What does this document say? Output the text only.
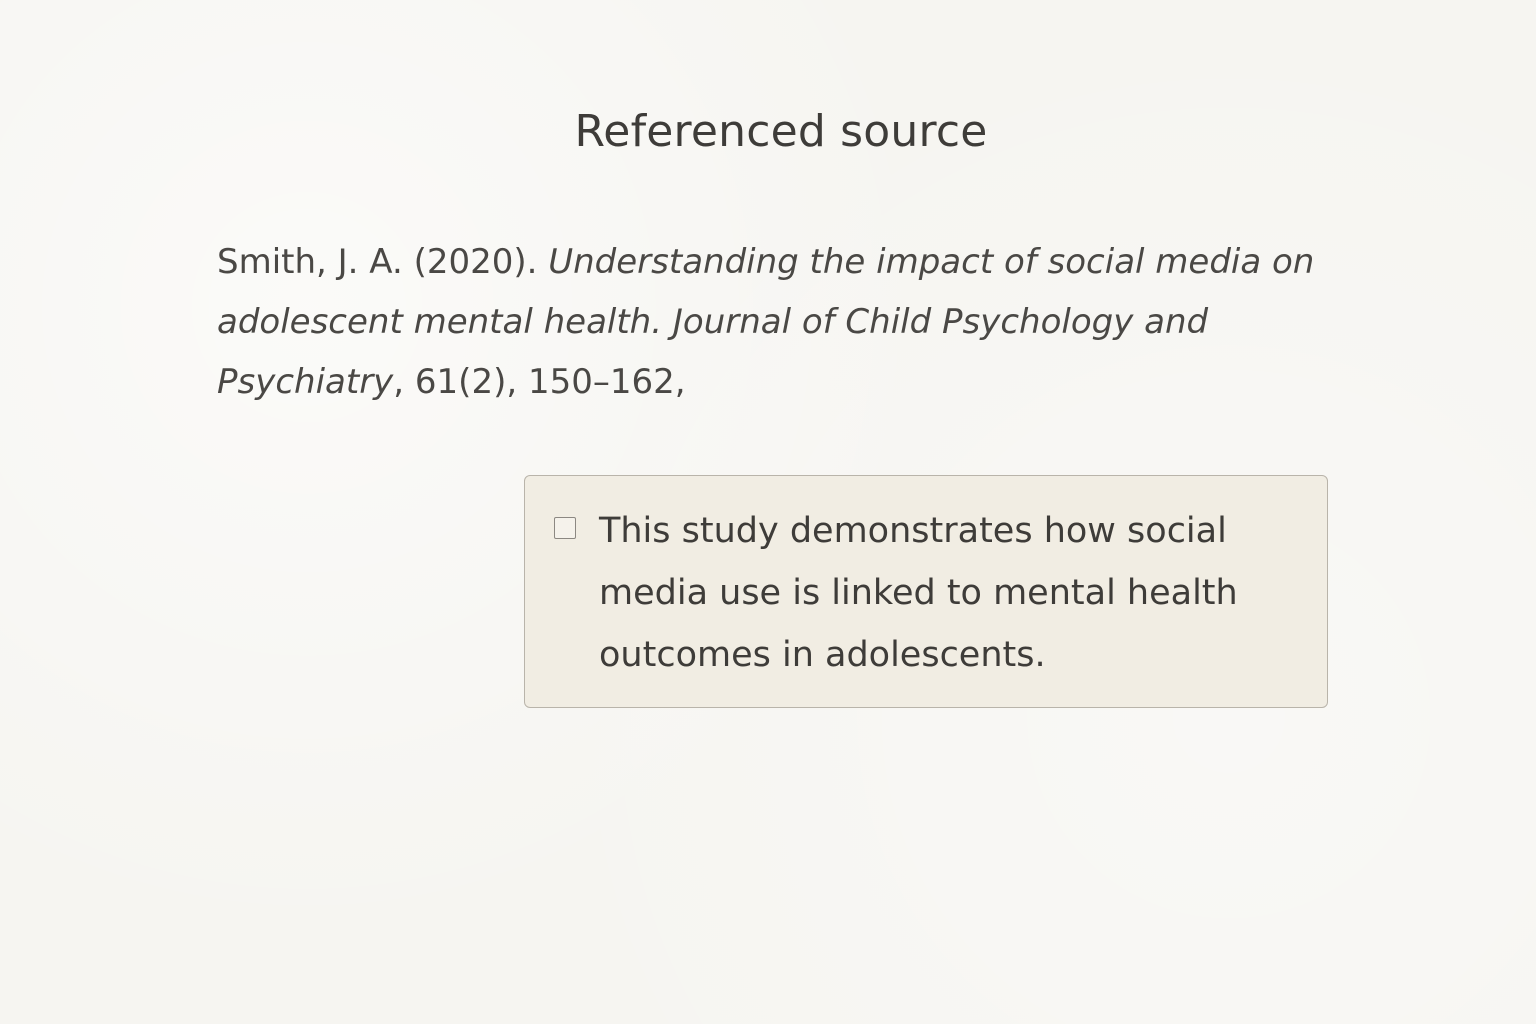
Referenced source

Smith, J. A. (2020). Understanding the impact of social media on adolescent mental health. Journal of Child Psychology and Psychiatry, 61(2), 150–162,

This study demonstrates how social media use is linked to mental health outcomes in adolescents.
